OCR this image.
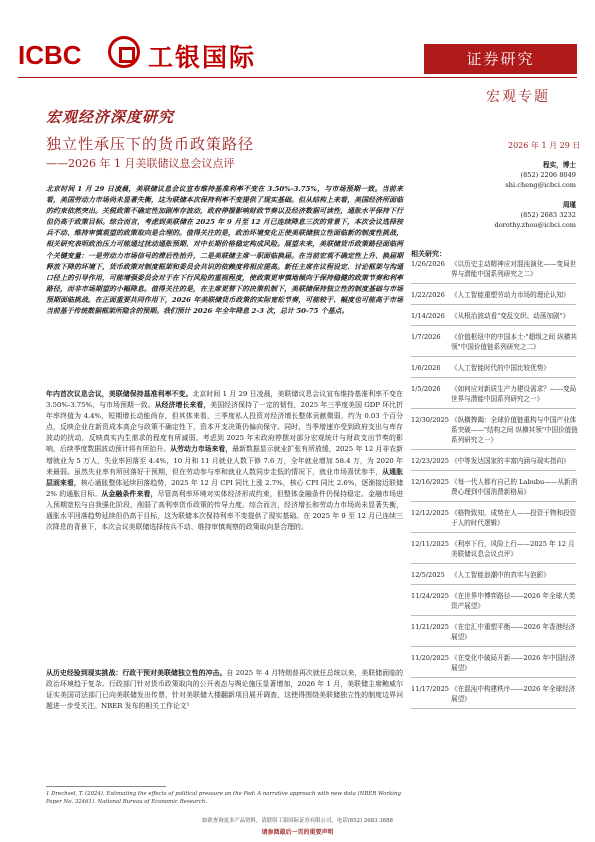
ICBC	工银国际	证券研究
宏观专题
宏观经济深度研究
独立性承压下的货币政策路径
——2026 年 1 月美联储议息会议点评
2026 年 1 月 29 日
北京时间 1 月 29 日凌晨，美联储议息会议宣布维持基准利率不变在 3.50%-3.75%，与市场预期一致。当前来看，美国劳动力市场尚未显著失衡，这为联储本次保持利率不变提供了现实基础。但从结构上来看，美国经济所面临的约束依然突出。关税政策不确定性加剧库存波动，政府停摆影响财政节奏以及经济数据可读性，通胀水平保持下行但仍高于政策目标。综合而言，考虑到美联储在 2025 年 9 月至 12 月已连续降息三次的背景下，本次会议选择按兵不动、维持审慎观望的政策取向是合理的。值得关注的是，政治环境变化正使美联储独立性面临新的制度性挑战，相关研究表明政治压力可能通过扰动通胀预期、对中长期价格稳定构成风险。展望未来，美联储货币政策路径面临两个关键变量：一是劳动力市场信号的滞后性抬升，二是美联储主席一职面临换届。在当前宏观不确定性上升、换届期释放下降的环境下，货币政策对制度框架和委员会共识的依赖度将相应提高。新任主席在议程设定、讨论框架与沟通口径上的引导作用，可能增强委员会对于在下行风险的重视程度，使政策更审慎地倾向于保持稳健的政策节奏和利率路径，而非市场期望的小幅降息。值得关注的是，在主席更替下的决策机制下，美联储保持独立性的制度基础与市场预期面临挑战。在正面重要共同作用下，2026 年美联储货币政策的实际宽松节奏，可能较于、幅度也可能高于市场当前基于传统数据框架所隐含的预期。我们预计 2026 年全年降息 2-3 次，总计 50-75 个基点。
年内首次议息会议，美联储保持基准利率不变。北京时间 1 月 29 日凌晨，美联储议息会议宣布维持基准利率不变在 3.50%-3.75%，与市场预期一致。从经济增长来看，美国经济保持了一定的韧性，2025 年三季度美国 GDP 环比折年率终值为 4.4%，短期增长动能尚存，但其体来看，三季度私人投资对经济增长整体贡献微弱，约为 0.03 个百分点，反映企业在新资成本高企与政策不确定性下，资本开支决策仍偏向保守。同时，当季增速亦受到政府支出与库存波动的扰动，反映真实内生需求的程度有所减弱。考虑到 2025 年末政府停摆对部分宏观统计与财政支出节奏的影响，后续季度数据波动预计将有所抬升。从劳动力市场来看，最新数据显示就业扩张有所放缓，2025 年 12 月非农新增就业为 5 万人，失业率回落至 4.4%，10 月和 11 月就业人数下修 7.6 万，全年就业增加 58.4 万，为 2020 年来最弱。虽然失业率有所回落好于预期，但在劳动参与率和就业人数同步走低的情况下，就业市场喜忧参半，从通胀层面来看，核心通胀整体延续回落趋势，2025 年 12 月 CPI 同比上涨 2.7%，核心 CPI 同比 2.6%，逐渐接近联储 2% 的通胀目标。从金融条件来看，尽管高利率环境对实体经济形成约束，但整体金融条件仍保持稳定。金融市场进入预期宽松与自我强化阶段，削弱了高利率货币政策的传导力度。综合而言，经济增长和劳动力市场尚未显著失衡，通胀水平回落趋势延续但仍高于目标，这为联储本次保持利率不变提供了现实基础。在 2025 年 9 至 12 月已连续三次降息的背景下，本次会议美联储选择按兵不动、维持审慎观察的政策取向是合理的。
从历史经验到现实挑战：行政干预对美联储独立性的冲击。自 2025 年 4 月特朗普再次就任总统以来，美联储面临的政治环境趋于复杂。行政部门针对货币政策取向的公开表态与舆论施压显著增加，2026 年 1 月，美联储主席鲍威尔证实美国司法部门已向美联储发出传票，针对美联储大楼翻新项目展开调查，这使得围绕美联储独立性的制度边界问题进一步受关注。NBER 发布的相关工作论文¹
1 Drechsel, T. (2024). Estimating the effects of political pressure on the Fed: A narrative approach with new data (NBER Working Paper No. 32461). National Bureau of Economic Research.
程实，博士
(852) 2206 8049
shi.cheng@icbci.com
周瑾
(852) 2683 3232
dorothy.zhou@icbci.com
相关研究：
1/26/2026 《以历史主动精神应对混沌演化——变局世界与潜能中国系列研究之二》
1/22/2026 《人工智能重塑劳动力市场的理论认知》
1/14/2026 《从根治波动看"变乱交织、动荡加剧"》
1/7/2026	《价值枢纽中的中国本土·"超级之间 纵横其领"中国价值链系列研究之二》
1/6/2026	《人工智能时代的中国比较优势》
1/5/2026	《如何应对新质生产力建设需求？——变局世界与潜能中国系列研究之一》
12/30/2025 《纵横捭阖：全球价值链重构与中国产业体系突破——"结构之间 纵横其领"中国价值链系列研究之一》
12/23/2025 《中等发达国家的丰富内涵与现实指向》
12/16/2025 《每一代人都有自己的 Labubu——从新消费心理到中国消费新格局》
12/12/2025 《格物致知，成势在人——投资于物和投资于人的时代逻辑》
12/11/2025 《利率下行，风险上行——2025 年 12 月美联储议息会议点评》
12/5/2025 《人工智能浪潮中的真实与泡影》
11/24/2025 《在世界中博弈路径——2026 年全球大类资产展望》
11/21/2025 《在定汇中重塑平衡——2026 年香港经济展望》
11/20/2025 《在变化中破局开新——2026 年中国经济展望》
11/17/2025 《在混沌中构建秩序——2026 年全球经济展望》
如欲查询更多产品资料，请联络工银国际证券有限公司，电话(852) 2683 3888
请参阅最后一页的重要声明
